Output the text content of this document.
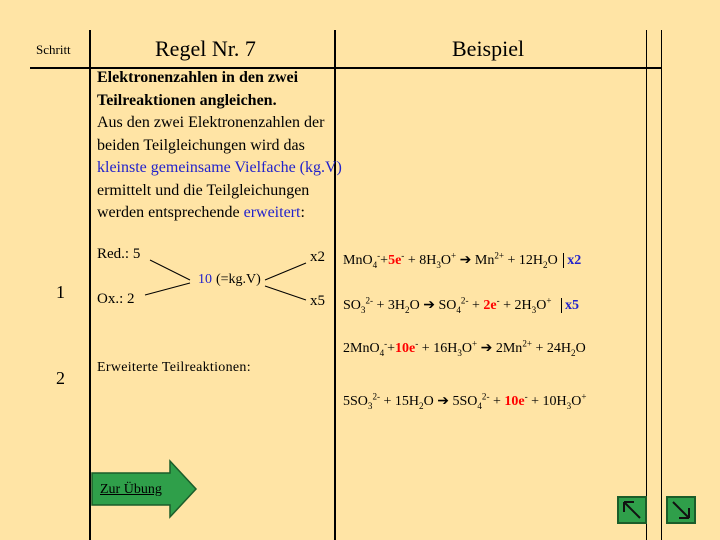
Schritt	Regel Nr. 7	Beispiel
Elektronenzahlen in den zwei Teilreaktionen angleichen.
Aus den zwei Elektronenzahlen der beiden Teilgleichungen wird das kleinste gemeinsame Vielfache (kg.V) ermittelt und die Teilgleichungen werden entsprechende erweitert:
1
2
Red.: 5
Ox.: 2
10 (=kg.V)
x2
x5
$MnO_4^-+5e^- + 8H_3O^+$ ➔ $Mn^{2+} + 12H_2O$ x2
$SO_3^{2-} + 3H_2O$ ➔ $SO_4^{2-} + 2e^- + 2H_3O^+$ x5
$2MnO_4^-+10e^- + 16H_3O^+$ ➔ $2Mn^{2+} + 24H_2O$
Erweiterte Teilreaktionen:
$5SO_3^{2-} + 15H_2O$ ➔ $5SO_4^{2-} + 10e^- + 10H_3O^+$
Zur Übung
